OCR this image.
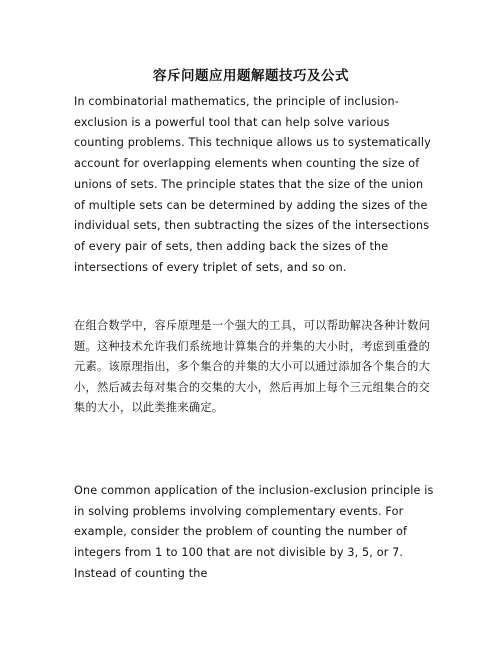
容斥问题应用题解题技巧及公式

In combinatorial mathematics, the principle of inclusion-exclusion is a powerful tool that can help solve various counting problems. This technique allows us to systematically account for overlapping elements when counting the size of unions of sets. The principle states that the size of the union of multiple sets can be determined by adding the sizes of the individual sets, then subtracting the sizes of the intersections of every pair of sets, then adding back the sizes of the intersections of every triplet of sets, and so on.

在组合数学中，容斥原理是一个强大的工具，可以帮助解决各种计数问题。这种技术允许我们系统地计算集合的并集的大小时，考虑到重叠的元素。该原理指出，多个集合的并集的大小可以通过添加各个集合的大小，然后减去每对集合的交集的大小，然后再加上每个三元组集合的交集的大小，以此类推来确定。

One common application of the inclusion-exclusion principle is in solving problems involving complementary events. For example, consider the problem of counting the number of integers from 1 to 100 that are not divisible by 3, 5, or 7. Instead of counting the
